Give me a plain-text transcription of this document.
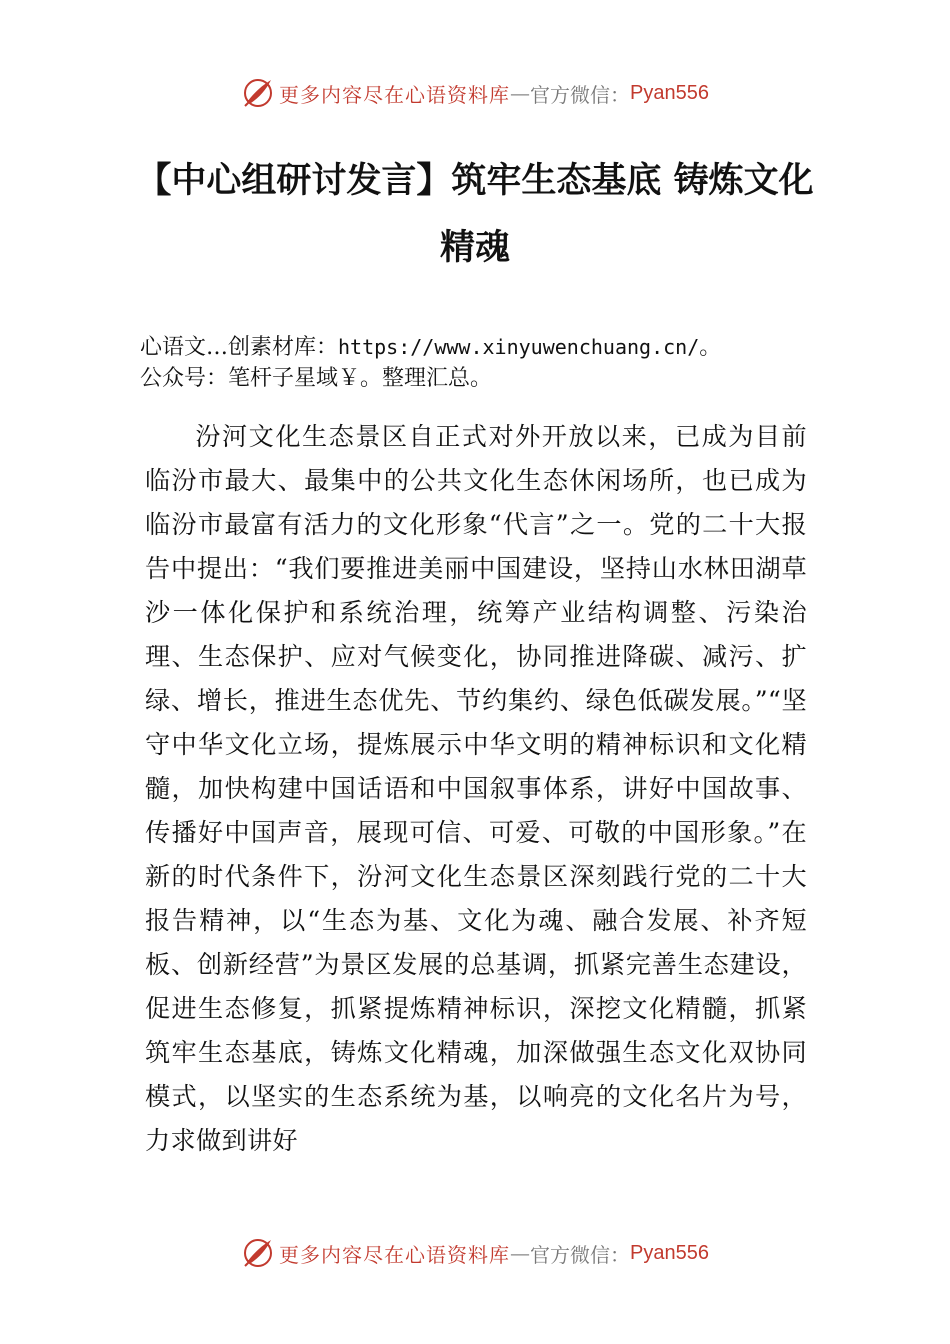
更多内容尽在心语资料库 — 官方微信： Pyan556
【中心组研讨发言】筑牢生态基底 铸炼文化精魂
心语文…创素材库：https://www.xinyuwenchuang.cn/。
公众号：笔杆子星域￥。整理汇总。

汾河文化生态景区自正式对外开放以来，已成为目前临汾市最大、最集中的公共文化生态休闲场所，也已成为临汾市最富有活力的文化形象“代言”之一。党的二十大报告中提出：“我们要推进美丽中国建设，坚持山水林田湖草沙一体化保护和系统治理，统筹产业结构调整、污染治理、生态保护、应对气候变化，协同推进降碳、减污、扩绿、增长，推进生态优先、节约集约、绿色低碳发展。”“坚守中华文化立场，提炼展示中华文明的精神标识和文化精髓，加快构建中国话语和中国叙事体系，讲好中国故事、传播好中国声音，展现可信、可爱、可敬的中国形象。”在新的时代条件下，汾河文化生态景区深刻践行党的二十大报告精神，以“生态为基、文化为魂、融合发展、补齐短板、创新经营”为景区发展的总基调，抓紧完善生态建设，促进生态修复，抓紧提炼精神标识，深挖文化精髓，抓紧筑牢生态基底，铸炼文化精魂，加深做强生态文化双协同模式，以坚实的生态系统为基，以响亮的文化名片为号，力求做到讲好

更多内容尽在心语资料库 — 官方微信： Pyan556
